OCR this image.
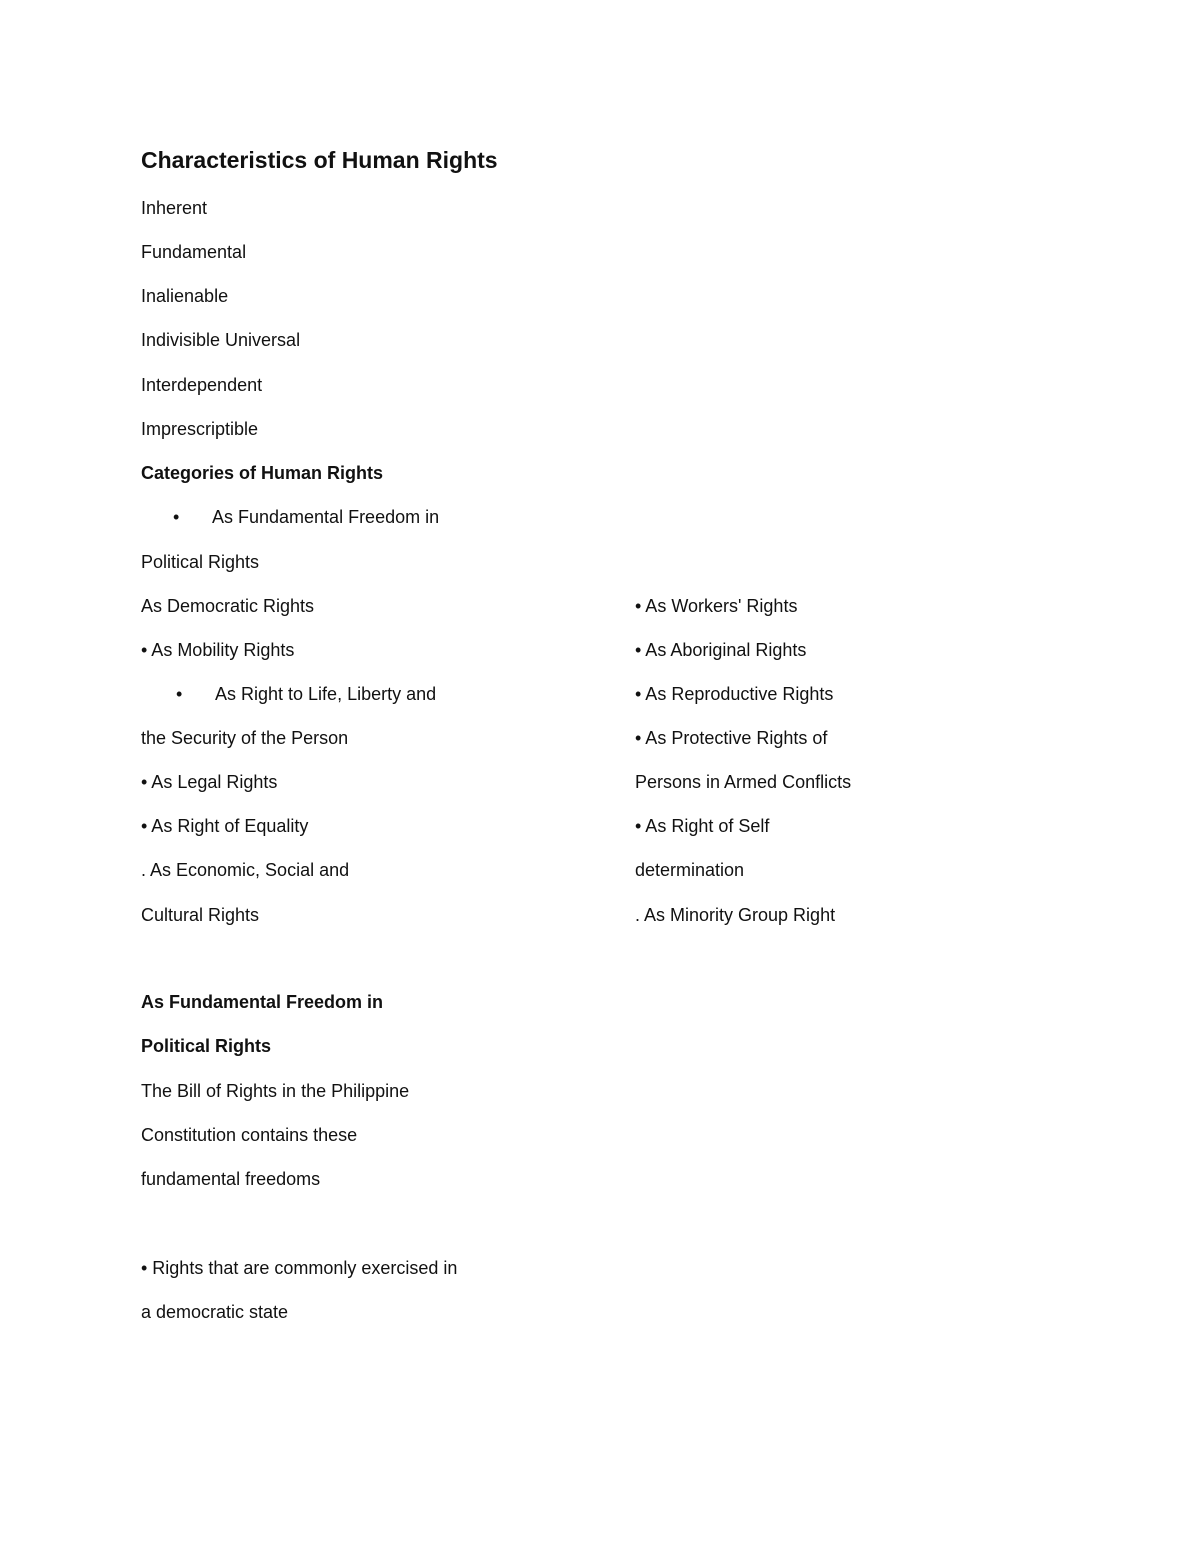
Characteristics of Human Rights
Inherent
Fundamental
Inalienable
Indivisible Universal
Interdependent
Imprescriptible
Categories of Human Rights
• As Fundamental Freedom in
Political Rights
As Democratic Rights
• As Mobility Rights
• As Right to Life, Liberty and
the Security of the Person
• As Legal Rights
• As Right of Equality
. As Economic, Social and
Cultural Rights
• As Workers' Rights
• As Aboriginal Rights
• As Reproductive Rights
• As Protective Rights of
Persons in Armed Conflicts
• As Right of Self
determination
. As Minority Group Right
As Fundamental Freedom in
Political Rights
The Bill of Rights in the Philippine
Constitution contains these
fundamental freedoms
• Rights that are commonly exercised in
a democratic state
